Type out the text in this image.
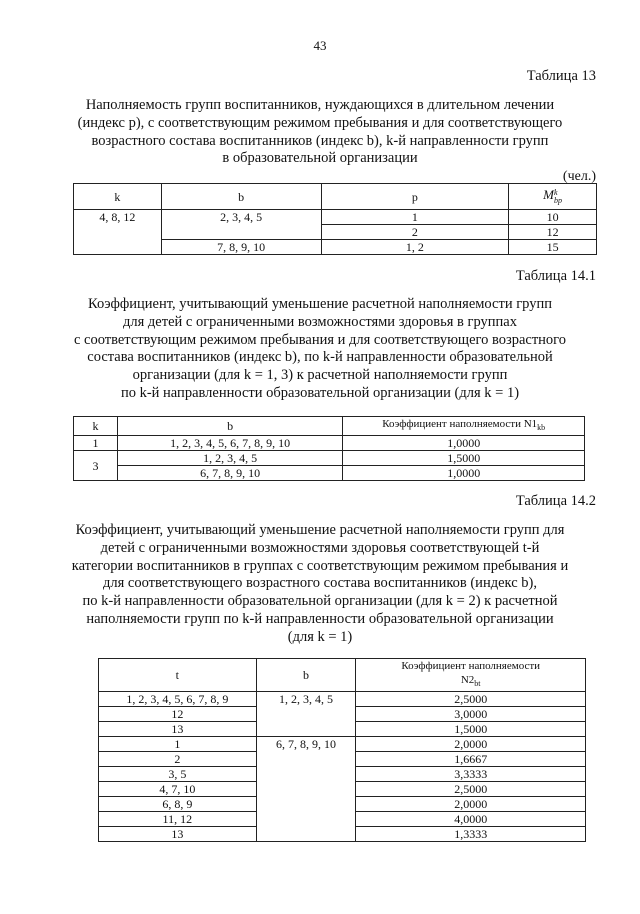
43
Таблица 13
Наполняемость групп воспитанников, нуждающихся в длительном лечении
(индекс p), с соответствующим режимом пребывания и для соответствующего
возрастного состава воспитанников (индекс b), k-й направленности групп
в образовательной организации
(чел.)
k	b	p	Mk
bp
4, 8, 12	2, 3, 4, 5	1	10
		2	12
	7, 8, 9, 10	1, 2	15
Таблица 14.1
Коэффициент, учитывающий уменьшение расчетной наполняемости групп
для детей с ограниченными возможностями здоровья в группах
с соответствующим режимом пребывания и для соответствующего возрастного
состава воспитанников (индекс b), по k-й направленности образовательной
организации (для k = 1, 3) к расчетной наполняемости групп
по k-й направленности образовательной организации (для k = 1)
k	b	Коэффициент наполняемости $N1_{kb}$
1	1, 2, 3, 4, 5, 6, 7, 8, 9, 10	1,0000
3	1, 2, 3, 4, 5	1,5000
	6, 7, 8, 9, 10	1,0000
Таблица 14.2
Коэффициент, учитывающий уменьшение расчетной наполняемости групп для
детей с ограниченными возможностями здоровья соответствующей t-й
категории воспитанников в группах с соответствующим режимом пребывания и
для соответствующего возрастного состава воспитанников (индекс b),
по k-й направленности образовательной организации (для k = 2) к расчетной
наполняемости групп по k-й направленности образовательной организации
(для k = 1)
t	b	Коэффициент наполняемости
$N2_{bt}$

1, 2, 3, 4, 5, 6, 7, 8, 9	1, 2, 3, 4, 5	2,5000
12		3,0000
13		1,5000
1	6, 7, 8, 9, 10	2,0000
2		1,6667
3, 5		3,3333
4, 7, 10		2,5000
6, 8, 9		2,0000
11, 12		4,0000
13		1,3333
